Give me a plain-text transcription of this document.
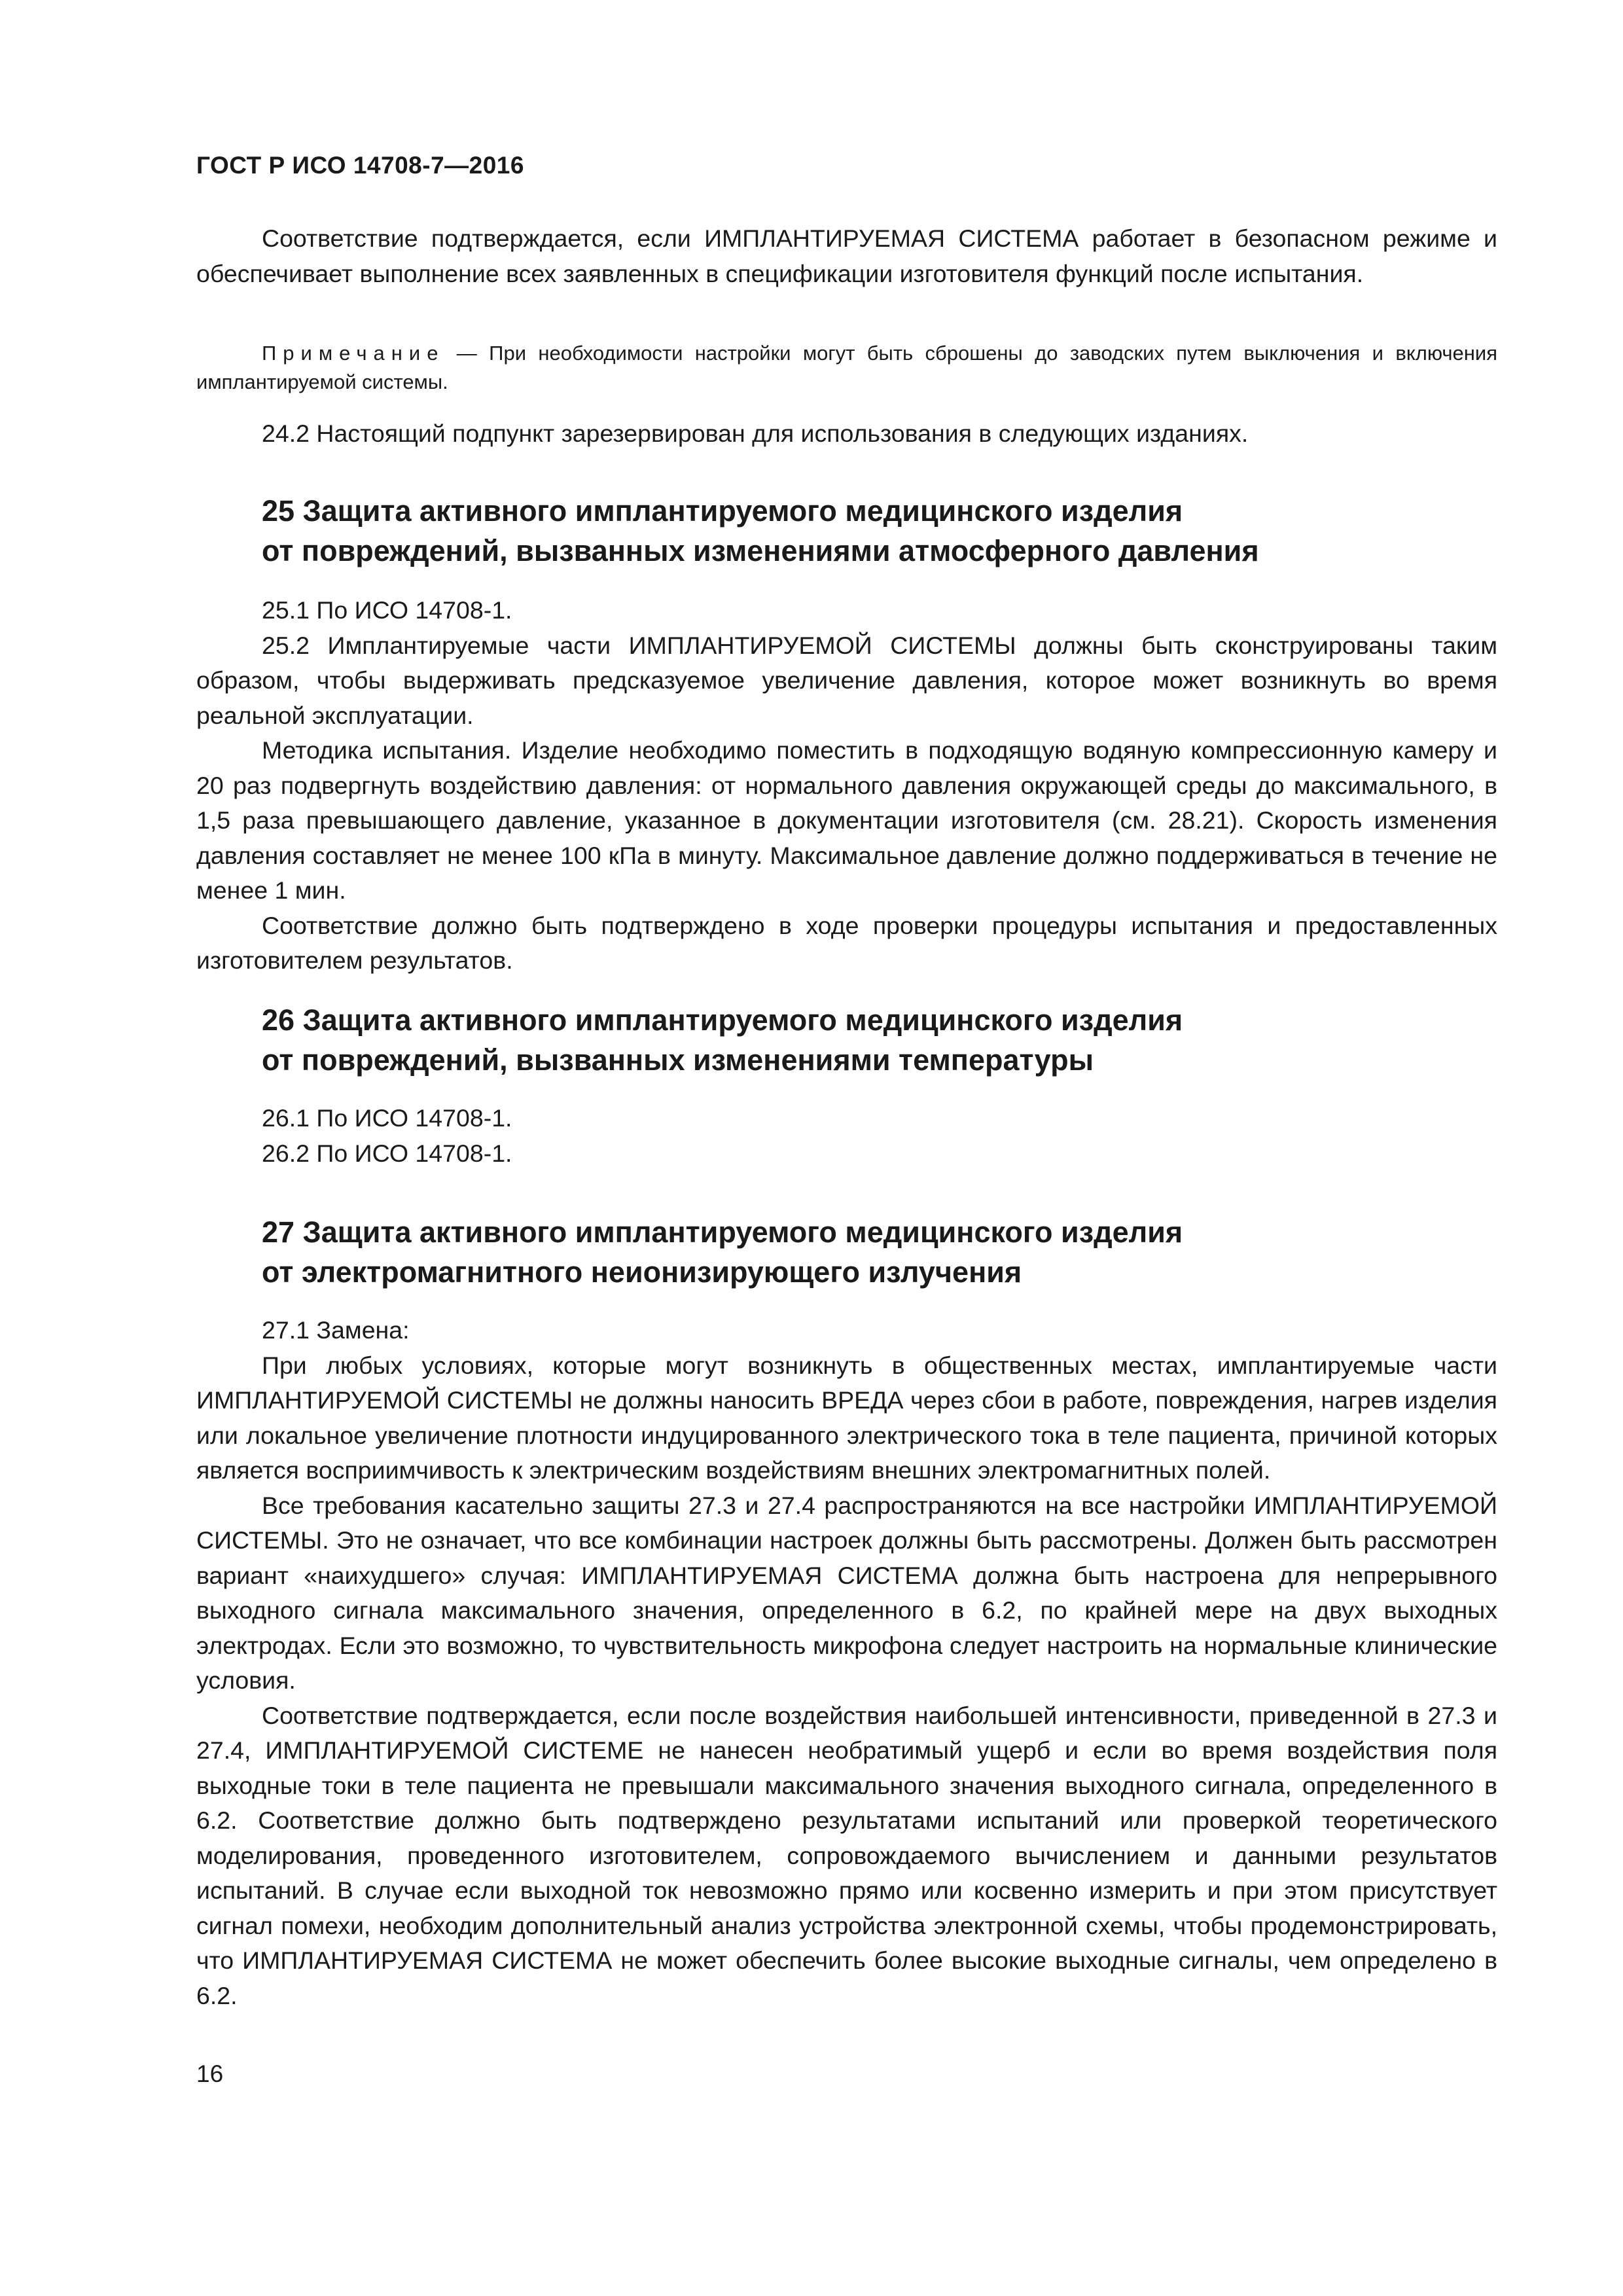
ГОСТ Р ИСО 14708-7—2016

Соответствие подтверждается, если ИМПЛАНТИРУЕМАЯ СИСТЕМА работает в безопасном режиме и обеспечивает выполнение всех заявленных в спецификации изготовителя функций после испытания.

Примечание — При необходимости настройки могут быть сброшены до заводских путем выключения и включения имплантируемой системы.

24.2 Настоящий подпункт зарезервирован для использования в следующих изданиях.

25 Защита активного имплантируемого медицинского изделия
от повреждений, вызванных изменениями атмосферного давления

25.1 По ИСО 14708-1.

25.2 Имплантируемые части ИМПЛАНТИРУЕМОЙ СИСТЕМЫ должны быть сконструированы таким образом, чтобы выдерживать предсказуемое увеличение давления, которое может возникнуть во время реальной эксплуатации.

Методика испытания. Изделие необходимо поместить в подходящую водяную компрессионную камеру и 20 раз подвергнуть воздействию давления: от нормального давления окружающей среды до максимального, в 1,5 раза превышающего давление, указанное в документации изготовителя (см. 28.21). Скорость изменения давления составляет не менее 100 кПа в минуту. Максимальное давление должно поддерживаться в течение не менее 1 мин.

Соответствие должно быть подтверждено в ходе проверки процедуры испытания и предоставленных изготовителем результатов.

26 Защита активного имплантируемого медицинского изделия
от повреждений, вызванных изменениями температуры

26.1 По ИСО 14708-1.

26.2 По ИСО 14708-1.

27 Защита активного имплантируемого медицинского изделия
от электромагнитного неионизирующего излучения

27.1 Замена:

При любых условиях, которые могут возникнуть в общественных местах, имплантируемые части ИМПЛАНТИРУЕМОЙ СИСТЕМЫ не должны наносить ВРЕДА через сбои в работе, повреждения, нагрев изделия или локальное увеличение плотности индуцированного электрического тока в теле пациента, причиной которых является восприимчивость к электрическим воздействиям внешних электромагнитных полей.

Все требования касательно защиты 27.3 и 27.4 распространяются на все настройки ИМПЛАНТИРУЕМОЙ СИСТЕМЫ. Это не означает, что все комбинации настроек должны быть рассмотрены. Должен быть рассмотрен вариант «наихудшего» случая: ИМПЛАНТИРУЕМАЯ СИСТЕМА должна быть настроена для непрерывного выходного сигнала максимального значения, определенного в 6.2, по крайней мере на двух выходных электродах. Если это возможно, то чувствительность микрофона следует настроить на нормальные клинические условия.

Соответствие подтверждается, если после воздействия наибольшей интенсивности, приведенной в 27.3 и 27.4, ИМПЛАНТИРУЕМОЙ СИСТЕМЕ не нанесен необратимый ущерб и если во время воздействия поля выходные токи в теле пациента не превышали максимального значения выходного сигнала, определенного в 6.2. Соответствие должно быть подтверждено результатами испытаний или проверкой теоретического моделирования, проведенного изготовителем, сопровождаемого вычислением и данными результатов испытаний. В случае если выходной ток невозможно прямо или косвенно измерить и при этом присутствует сигнал помехи, необходим дополнительный анализ устройства электронной схемы, чтобы продемонстрировать, что ИМПЛАНТИРУЕМАЯ СИСТЕМА не может обеспечить более высокие выходные сигналы, чем определено в 6.2.

16
